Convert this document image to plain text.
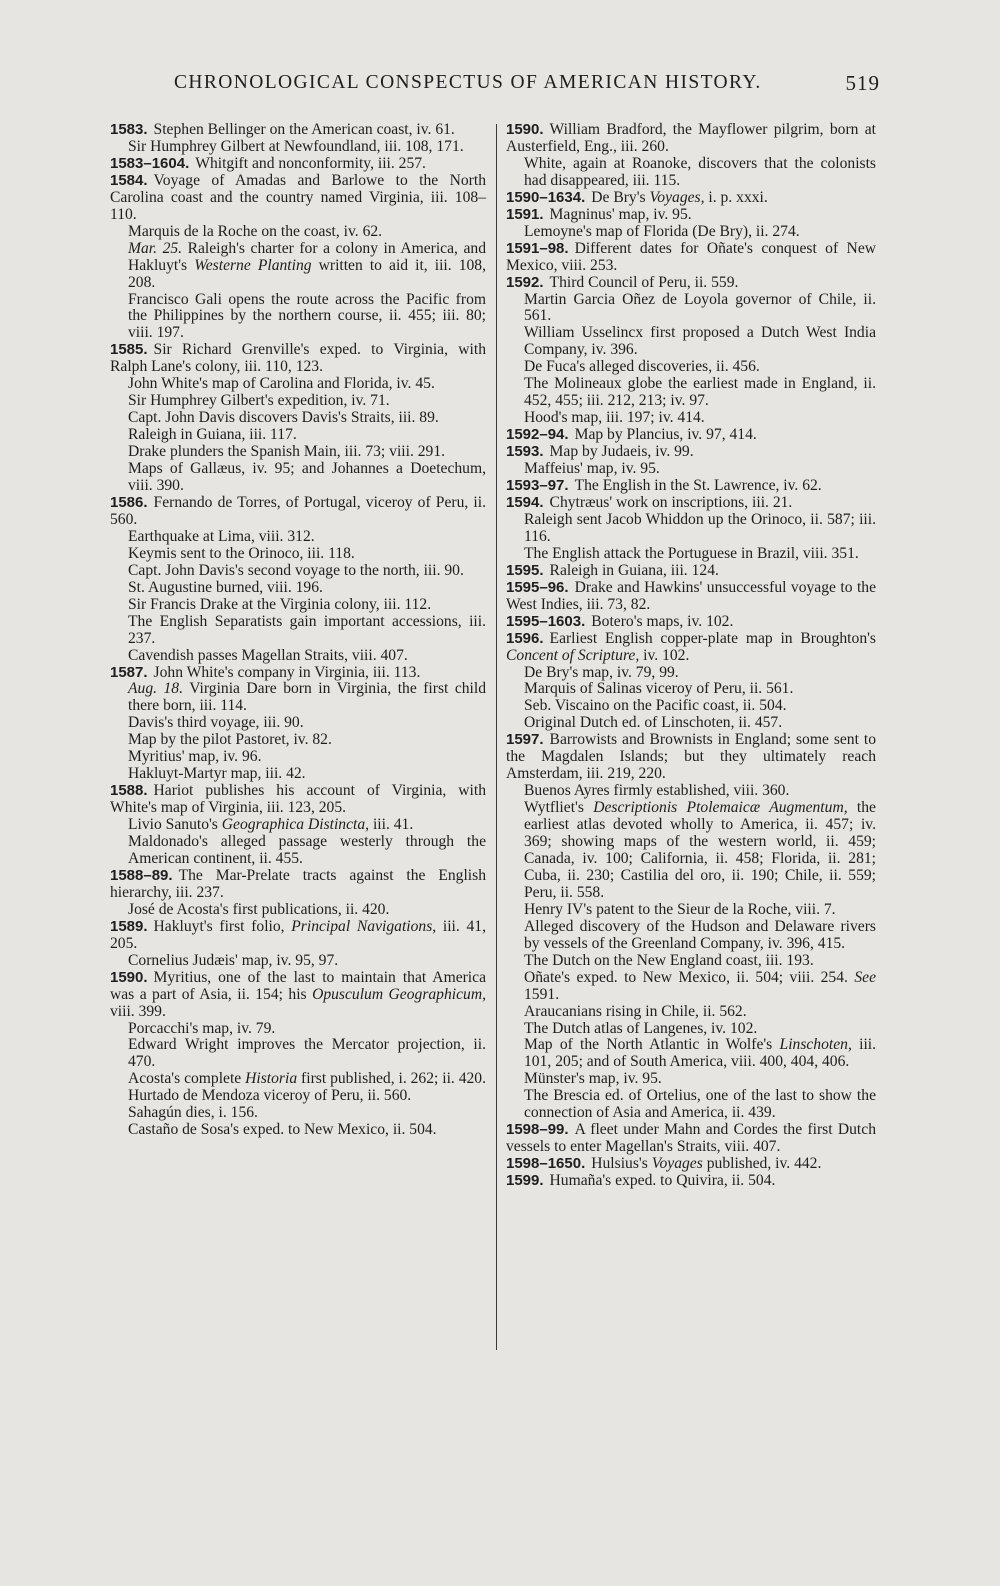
CHRONOLOGICAL CONSPECTUS OF AMERICAN HISTORY.	519

1583. Stephen Bellinger on the American coast, iv. 61.

Sir Humphrey Gilbert at Newfoundland, iii. 108, 171.

1583–1604. Whitgift and nonconformity, iii. 257.

1584. Voyage of Amadas and Barlowe to the North Carolina coast and the country named Virginia, iii. 108–110.

Marquis de la Roche on the coast, iv. 62.

Mar. 25. Raleigh's charter for a colony in America, and Hakluyt's Westerne Planting written to aid it, iii. 108, 208.

Francisco Gali opens the route across the Pacific from the Philippines by the northern course, ii. 455; iii. 80; viii. 197.

1585. Sir Richard Grenville's exped. to Virginia, with Ralph Lane's colony, iii. 110, 123.

John White's map of Carolina and Florida, iv. 45.

Sir Humphrey Gilbert's expedition, iv. 71.

Capt. John Davis discovers Davis's Straits, iii. 89.

Raleigh in Guiana, iii. 117.

Drake plunders the Spanish Main, iii. 73; viii. 291.

Maps of Gallæus, iv. 95; and Johannes a Doetechum, viii. 390.

1586. Fernando de Torres, of Portugal, viceroy of Peru, ii. 560.

Earthquake at Lima, viii. 312.

Keymis sent to the Orinoco, iii. 118.

Capt. John Davis's second voyage to the north, iii. 90.

St. Augustine burned, viii. 196.

Sir Francis Drake at the Virginia colony, iii. 112.

The English Separatists gain important accessions, iii. 237.

Cavendish passes Magellan Straits, viii. 407.

1587. John White's company in Virginia, iii. 113.

Aug. 18. Virginia Dare born in Virginia, the first child there born, iii. 114.

Davis's third voyage, iii. 90.

Map by the pilot Pastoret, iv. 82.

Myritius' map, iv. 96.

Hakluyt-Martyr map, iii. 42.

1588. Hariot publishes his account of Virginia, with White's map of Virginia, iii. 123, 205.

Livio Sanuto's Geographica Distincta, iii. 41.

Maldonado's alleged passage westerly through the American continent, ii. 455.

1588–89. The Mar-Prelate tracts against the English hierarchy, iii. 237.

José de Acosta's first publications, ii. 420.

1589. Hakluyt's first folio, Principal Navigations, iii. 41, 205.

Cornelius Judæis' map, iv. 95, 97.

1590. Myritius, one of the last to maintain that America was a part of Asia, ii. 154; his Opusculum Geographicum, viii. 399.

Porcacchi's map, iv. 79.

Edward Wright improves the Mercator projection, ii. 470.

Acosta's complete Historia first published, i. 262; ii. 420.

Hurtado de Mendoza viceroy of Peru, ii. 560.

Sahagún dies, i. 156.

Castaño de Sosa's exped. to New Mexico, ii. 504.

1590. William Bradford, the Mayflower pilgrim, born at Austerfield, Eng., iii. 260.

White, again at Roanoke, discovers that the colonists had disappeared, iii. 115.

1590–1634. De Bry's Voyages, i. p. xxxi.

1591. Magninus' map, iv. 95.

Lemoyne's map of Florida (De Bry), ii. 274.

1591–98. Different dates for Oñate's conquest of New Mexico, viii. 253.

1592. Third Council of Peru, ii. 559.

Martin Garcia Oñez de Loyola governor of Chile, ii. 561.

William Usselincx first proposed a Dutch West India Company, iv. 396.

De Fuca's alleged discoveries, ii. 456.

The Molineaux globe the earliest made in England, ii. 452, 455; iii. 212, 213; iv. 97.

Hood's map, iii. 197; iv. 414.

1592–94. Map by Plancius, iv. 97, 414.

1593. Map by Judaeis, iv. 99.

Maffeius' map, iv. 95.

1593–97. The English in the St. Lawrence, iv. 62.

1594. Chytræus' work on inscriptions, iii. 21.

Raleigh sent Jacob Whiddon up the Orinoco, ii. 587; iii. 116.

The English attack the Portuguese in Brazil, viii. 351.

1595. Raleigh in Guiana, iii. 124.

1595–96. Drake and Hawkins' unsuccessful voyage to the West Indies, iii. 73, 82.

1595–1603. Botero's maps, iv. 102.

1596. Earliest English copper-plate map in Broughton's Concent of Scripture, iv. 102.

De Bry's map, iv. 79, 99.

Marquis of Salinas viceroy of Peru, ii. 561.

Seb. Viscaino on the Pacific coast, ii. 504.

Original Dutch ed. of Linschoten, ii. 457.

1597. Barrowists and Brownists in England; some sent to the Magdalen Islands; but they ultimately reach Amsterdam, iii. 219, 220.

Buenos Ayres firmly established, viii. 360.

Wytfliet's Descriptionis Ptolemaicæ Augmentum, the earliest atlas devoted wholly to America, ii. 457; iv. 369; showing maps of the western world, ii. 459; Canada, iv. 100; California, ii. 458; Florida, ii. 281; Cuba, ii. 230; Castilia del oro, ii. 190; Chile, ii. 559; Peru, ii. 558.

Henry IV's patent to the Sieur de la Roche, viii. 7.

Alleged discovery of the Hudson and Delaware rivers by vessels of the Greenland Company, iv. 396, 415.

The Dutch on the New England coast, iii. 193.

Oñate's exped. to New Mexico, ii. 504; viii. 254. See 1591.

Araucanians rising in Chile, ii. 562.

The Dutch atlas of Langenes, iv. 102.

Map of the North Atlantic in Wolfe's Linschoten, iii. 101, 205; and of South America, viii. 400, 404, 406.

Münster's map, iv. 95.

The Brescia ed. of Ortelius, one of the last to show the connection of Asia and America, ii. 439.

1598–99. A fleet under Mahn and Cordes the first Dutch vessels to enter Magellan's Straits, viii. 407.

1598–1650. Hulsius's Voyages published, iv. 442.

1599. Humaña's exped. to Quivira, ii. 504.
